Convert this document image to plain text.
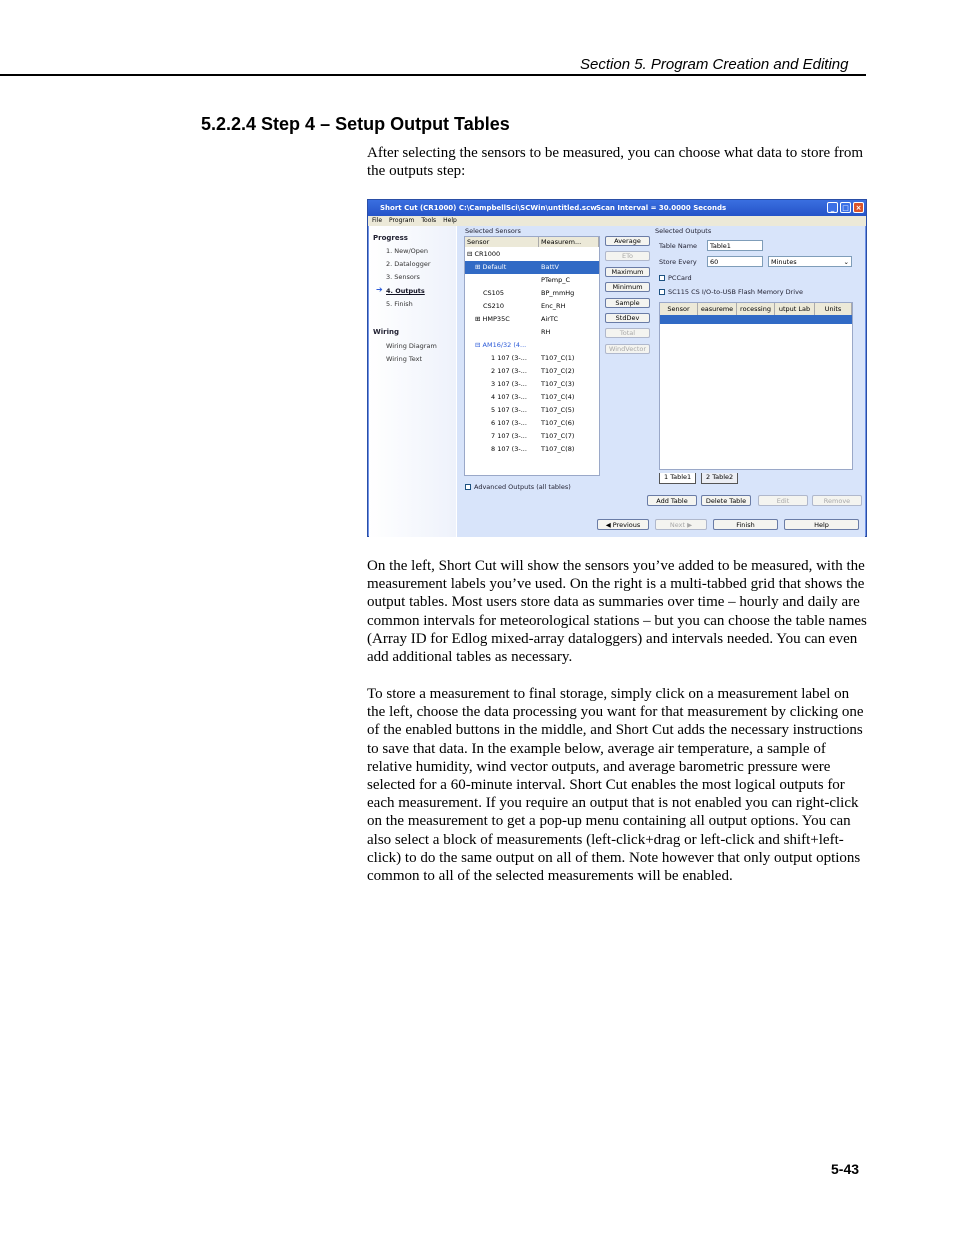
Section 5. Program Creation and Editing
5.2.2.4 Step 4 – Setup Output Tables

After selecting the sensors to be measured, you can choose what data to store from the outputs step:

Short Cut (CR1000) C:\CampbellSci\SCWin\untitled.scw Scan Interval = 30.0000 Seconds	_	□ ×
File Program Tools Help
Progress
1. New/Open
2. Datalogger
3. Sensors
➔ 4. Outputs
5. Finish
Wiring
Wiring Diagram
Wiring Text
Selected Sensors
Sensor	Measurem...
⊟ CR1000
⊞ Default	BattV
PTemp_C
CS105	BP_mmHg
CS210	Enc_RH
⊞ HMP35C	AirTC
RH
⊟ AM16/32 (4...
1 107 (3-...	T107_C(1)
2 107 (3-...	T107_C(2)
3 107 (3-...	T107_C(3)
4 107 (3-...	T107_C(4)
5 107 (3-...	T107_C(5)
6 107 (3-...	T107_C(6)
7 107 (3-...	T107_C(7)
8 107 (3-...	T107_C(8)
Average
ETo
Maximum
Minimum
Sample
StdDev
Total
WindVector
Selected Outputs
Table Name	Table1
Store Every	60	Minutes	⌄
PCCard
SC115 CS I/O-to-USB Flash Memory Drive
Sensor	easureme	rocessing	utput Lab	Units
1 Table1	2 Table2
Advanced Outputs (all tables)
Add Table	Delete Table	Edit	Remove
◀ Previous	Next ▶	Finish	Help

On the left, Short Cut will show the sensors you’ve added to be measured, with the measurement labels you’ve used. On the right is a multi-tabbed grid that shows the output tables. Most users store data as summaries over time – hourly and daily are common intervals for meteorological stations – but you can choose the table names (Array ID for Edlog mixed-array dataloggers) and intervals needed. You can even add additional tables as necessary.

To store a measurement to final storage, simply click on a measurement label on the left, choose the data processing you want for that measurement by clicking one of the enabled buttons in the middle, and Short Cut adds the necessary instructions to save that data. In the example below, average air temperature, a sample of relative humidity, wind vector outputs, and average barometric pressure were selected for a 60-minute interval. Short Cut enables the most logical outputs for each measurement. If you require an output that is not enabled you can right-click on the measurement to get a pop-up menu containing all output options. You can also select a block of measurements (left-click+drag or left-click and shift+left-click) to do the same output on all of them. Note however that only output options common to all of the selected measurements will be enabled.

5-43
